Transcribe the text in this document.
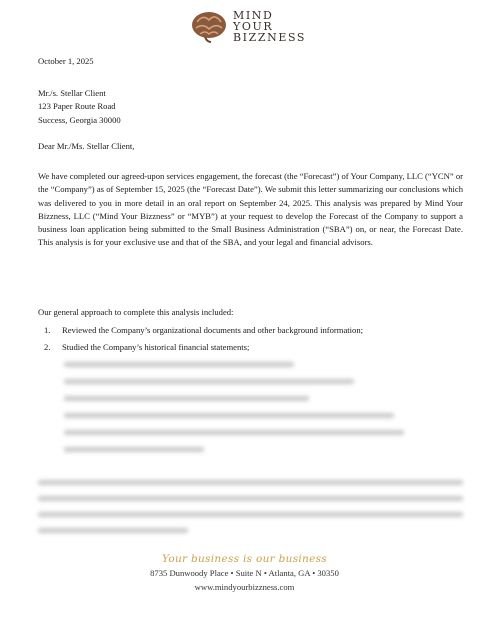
MIND
YOUR
BIZZNESS
October 1, 2025
Mr./s. Stellar Client
123 Paper Route Road
Success, Georgia 30000
Dear Mr./Ms. Stellar Client,
We have completed our agreed-upon services engagement, the forecast (the “Forecast”) of Your Company, LLC (“YCN” or the “Company”) as of September 15, 2025 (the “Forecast Date”). We submit this letter summarizing our conclusions which was delivered to you in more detail in an oral report on September 24, 2025. This analysis was prepared by Mind Your Bizzness, LLC (“Mind Your Bizzness” or “MYB”) at your request to develop the Forecast of the Company to support a business loan application being submitted to the Small Business Administration (“SBA”) on, or near, the Forecast Date. This analysis is for your exclusive use and that of the SBA, and your legal and financial advisors.
Our general approach to complete this analysis included:
1. Reviewed the Company’s organizational documents and other background information;
2. Studied the Company’s historical financial statements;
Your business is our business
8735 Dunwoody Place • Suite N • Atlanta, GA • 30350
www.mindyourbizzness.com
